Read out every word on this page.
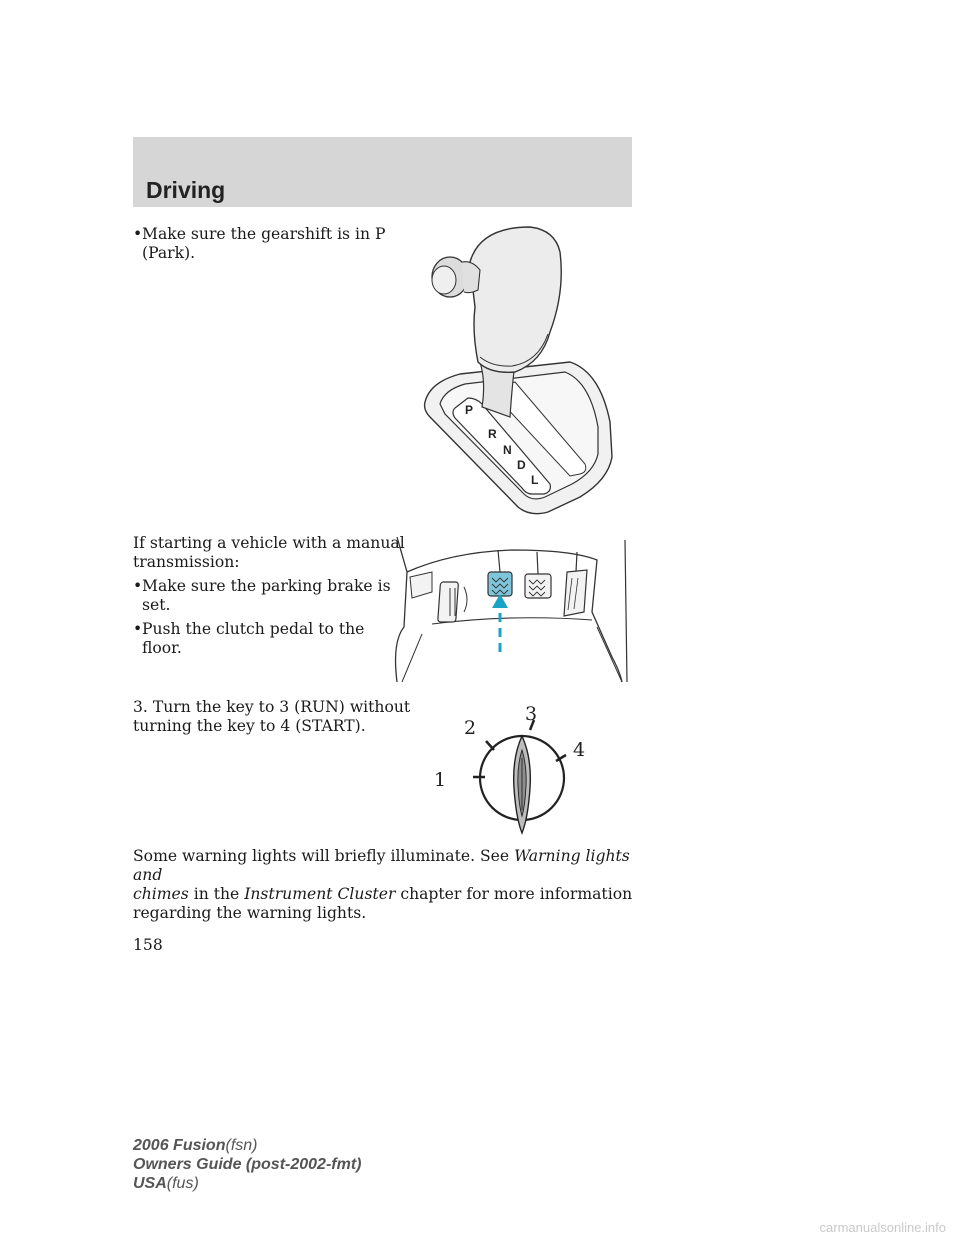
Driving
• Make sure the gearshift is in P
(Park).
P
R
N
D
L

If starting a vehicle with a manual

transmission:

• Make sure the parking brake is
set.
• Push the clutch pedal to the
floor.

3. Turn the key to 3 (RUN) without

turning the key to 4 (START).

1
2
3
4

Some warning lights will briefly illuminate. See Warning lights and

chimes in the Instrument Cluster chapter for more information

regarding the warning lights.

158
2006 Fusion(fsn)
Owners Guide (post-2002-fmt)
USA(fus)
carmanualsonline.info
